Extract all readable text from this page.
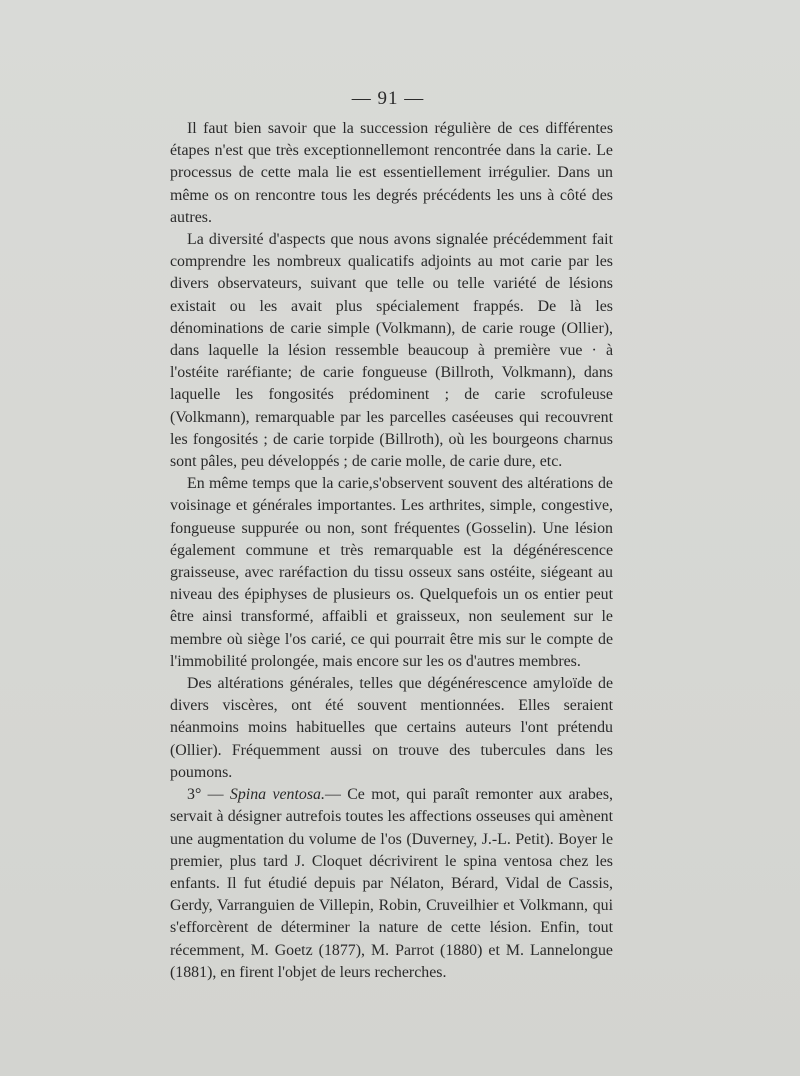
— 91 —

Il faut bien savoir que la succession régulière de ces différentes étapes n'est que très exceptionnellemont rencontrée dans la carie. Le processus de cette mala lie est essentiellement irrégulier. Dans un même os on rencontre tous les degrés précédents les uns à côté des autres.

La diversité d'aspects que nous avons signalée précédemment fait comprendre les nombreux qualicatifs adjoints au mot carie par les divers observateurs, suivant que telle ou telle variété de lésions existait ou les avait plus spécialement frappés. De là les dénominations de carie simple (Volkmann), de carie rouge (Ollier), dans laquelle la lésion ressemble beaucoup à première vue · à l'ostéite raréfiante; de carie fongueuse (Billroth, Volkmann), dans laquelle les fongosités prédominent ; de carie scrofuleuse (Volkmann), remarquable par les parcelles caséeuses qui recouvrent les fongosités ; de carie torpide (Billroth), où les bourgeons charnus sont pâles, peu développés ; de carie molle, de carie dure, etc.

En même temps que la carie,s'observent souvent des altérations de voisinage et générales importantes. Les arthrites, simple, congestive, fongueuse suppurée ou non, sont fréquentes (Gosselin). Une lésion également commune et très remarquable est la dégénérescence graisseuse, avec raréfaction du tissu osseux sans ostéite, siégeant au niveau des épiphyses de plusieurs os. Quelquefois un os entier peut être ainsi transformé, affaibli et graisseux, non seulement sur le membre où siège l'os carié, ce qui pourrait être mis sur le compte de l'immobilité prolongée, mais encore sur les os d'autres membres.

Des altérations générales, telles que dégénérescence amyloïde de divers viscères, ont été souvent mentionnées. Elles seraient néanmoins moins habituelles que certains auteurs l'ont prétendu (Ollier). Fréquemment aussi on trouve des tubercules dans les poumons.

3° — Spina ventosa.— Ce mot, qui paraît remonter aux arabes, servait à désigner autrefois toutes les affections osseuses qui amènent une augmentation du volume de l'os (Duverney, J.-L. Petit). Boyer le premier, plus tard J. Cloquet décrivirent le spina ventosa chez les enfants. Il fut étudié depuis par Nélaton, Bérard, Vidal de Cassis, Gerdy, Varranguien de Villepin, Robin, Cruveilhier et Volkmann, qui s'efforcèrent de déterminer la nature de cette lésion. Enfin, tout récemment, M. Goetz (1877), M. Parrot (1880) et M. Lannelongue (1881), en firent l'objet de leurs recherches.
